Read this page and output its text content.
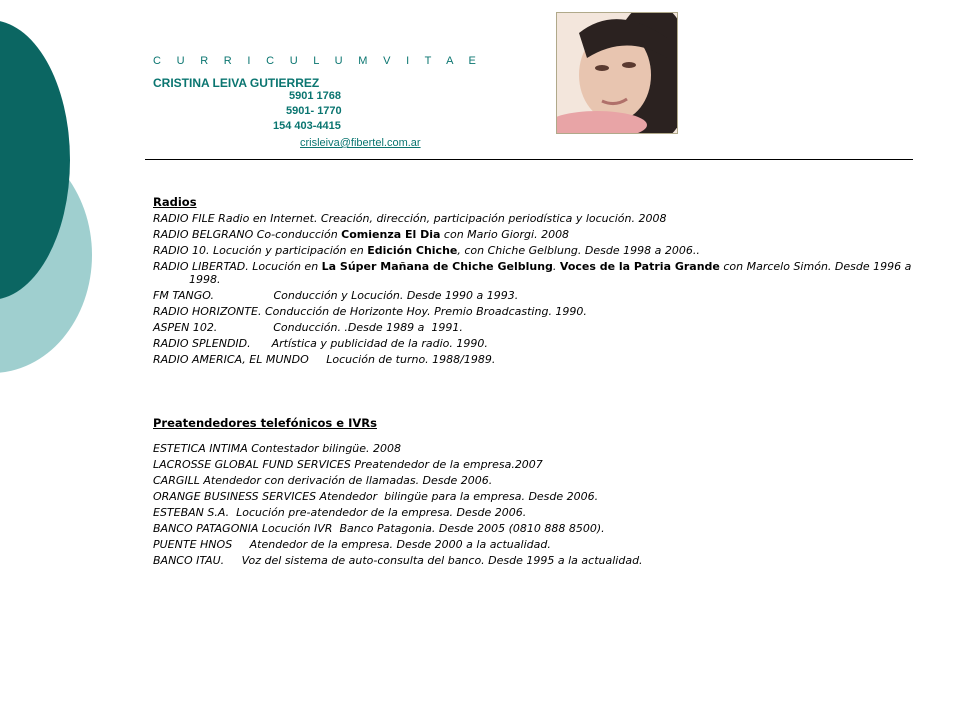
C U R R I C U L U M V I T A E
CRISTINA LEIVA GUTIERREZ
5901 1768
5901- 1770
154 403-4415
crisleiva@fibertel.com.ar
Radios

RADIO FILE Radio en Internet. Creación, dirección, participación periodística y locución. 2008

RADIO BELGRANO Co-conducción Comienza El Dia con Mario Giorgi. 2008

RADIO 10. Locución y participación en Edición Chiche, con Chiche Gelblung. Desde 1998 a 2006..

RADIO LIBERTAD. Locución en La Súper Mañana de Chiche Gelblung. Voces de la Patria Grande con Marcelo Simón. Desde 1996 a 1998.

FM TANGO.                 Conducción y Locución. Desde 1990 a 1993.

RADIO HORIZONTE. Conducción de Horizonte Hoy. Premio Broadcasting. 1990.

ASPEN 102.                Conducción. .Desde 1989 a  1991.

RADIO SPLENDID.      Artística y publicidad de la radio. 1990.

RADIO AMERICA, EL MUNDO     Locución de turno. 1988/1989.

Preatendedores telefónicos e IVRs

ESTETICA INTIMA Contestador bilingüe. 2008

LACROSSE GLOBAL FUND SERVICES Preatendedor de la empresa.2007

CARGILL Atendedor con derivación de llamadas. Desde 2006.

ORANGE BUSINESS SERVICES Atendedor  bilingüe para la empresa. Desde 2006.

ESTEBAN S.A.  Locución pre-atendedor de la empresa. Desde 2006.

BANCO PATAGONIA Locución IVR  Banco Patagonia. Desde 2005 (0810 888 8500).

PUENTE HNOS     Atendedor de la empresa. Desde 2000 a la actualidad.

BANCO ITAU.     Voz del sistema de auto-consulta del banco. Desde 1995 a la actualidad.
